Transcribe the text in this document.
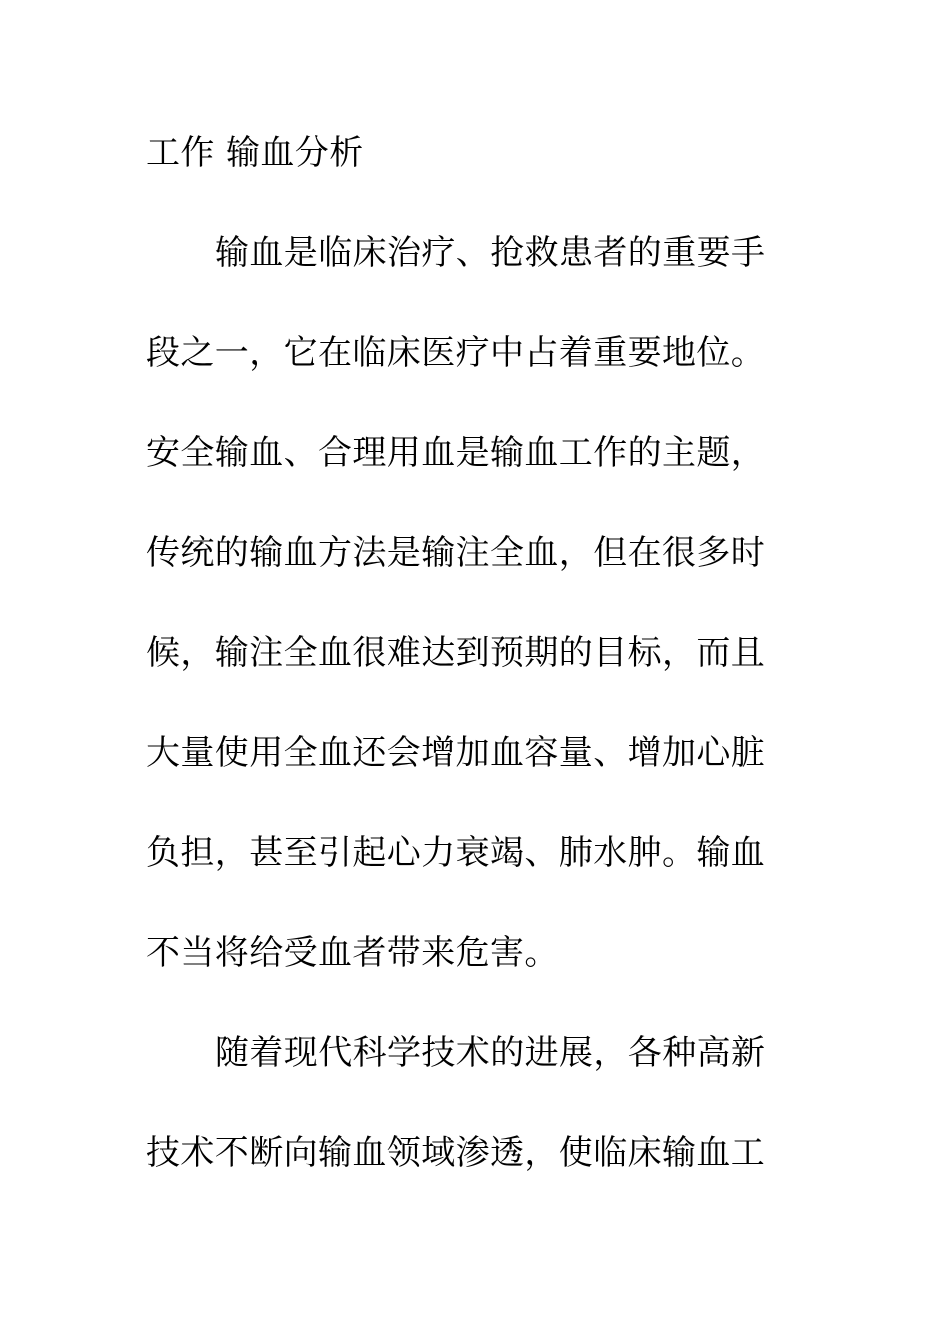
工作 输血分析
输血是临床治疗、抢救患者的重要手
段之一，它在临床医疗中占着重要地位。
安全输血、合理用血是输血工作的主题，
传统的输血方法是输注全血，但在很多时
候，输注全血很难达到预期的目标，而且
大量使用全血还会增加血容量、增加心脏
负担，甚至引起心力衰竭、肺水肿。输血
不当将给受血者带来危害。
随着现代科学技术的进展，各种高新
技术不断向输血领域渗透，使临床输血工
